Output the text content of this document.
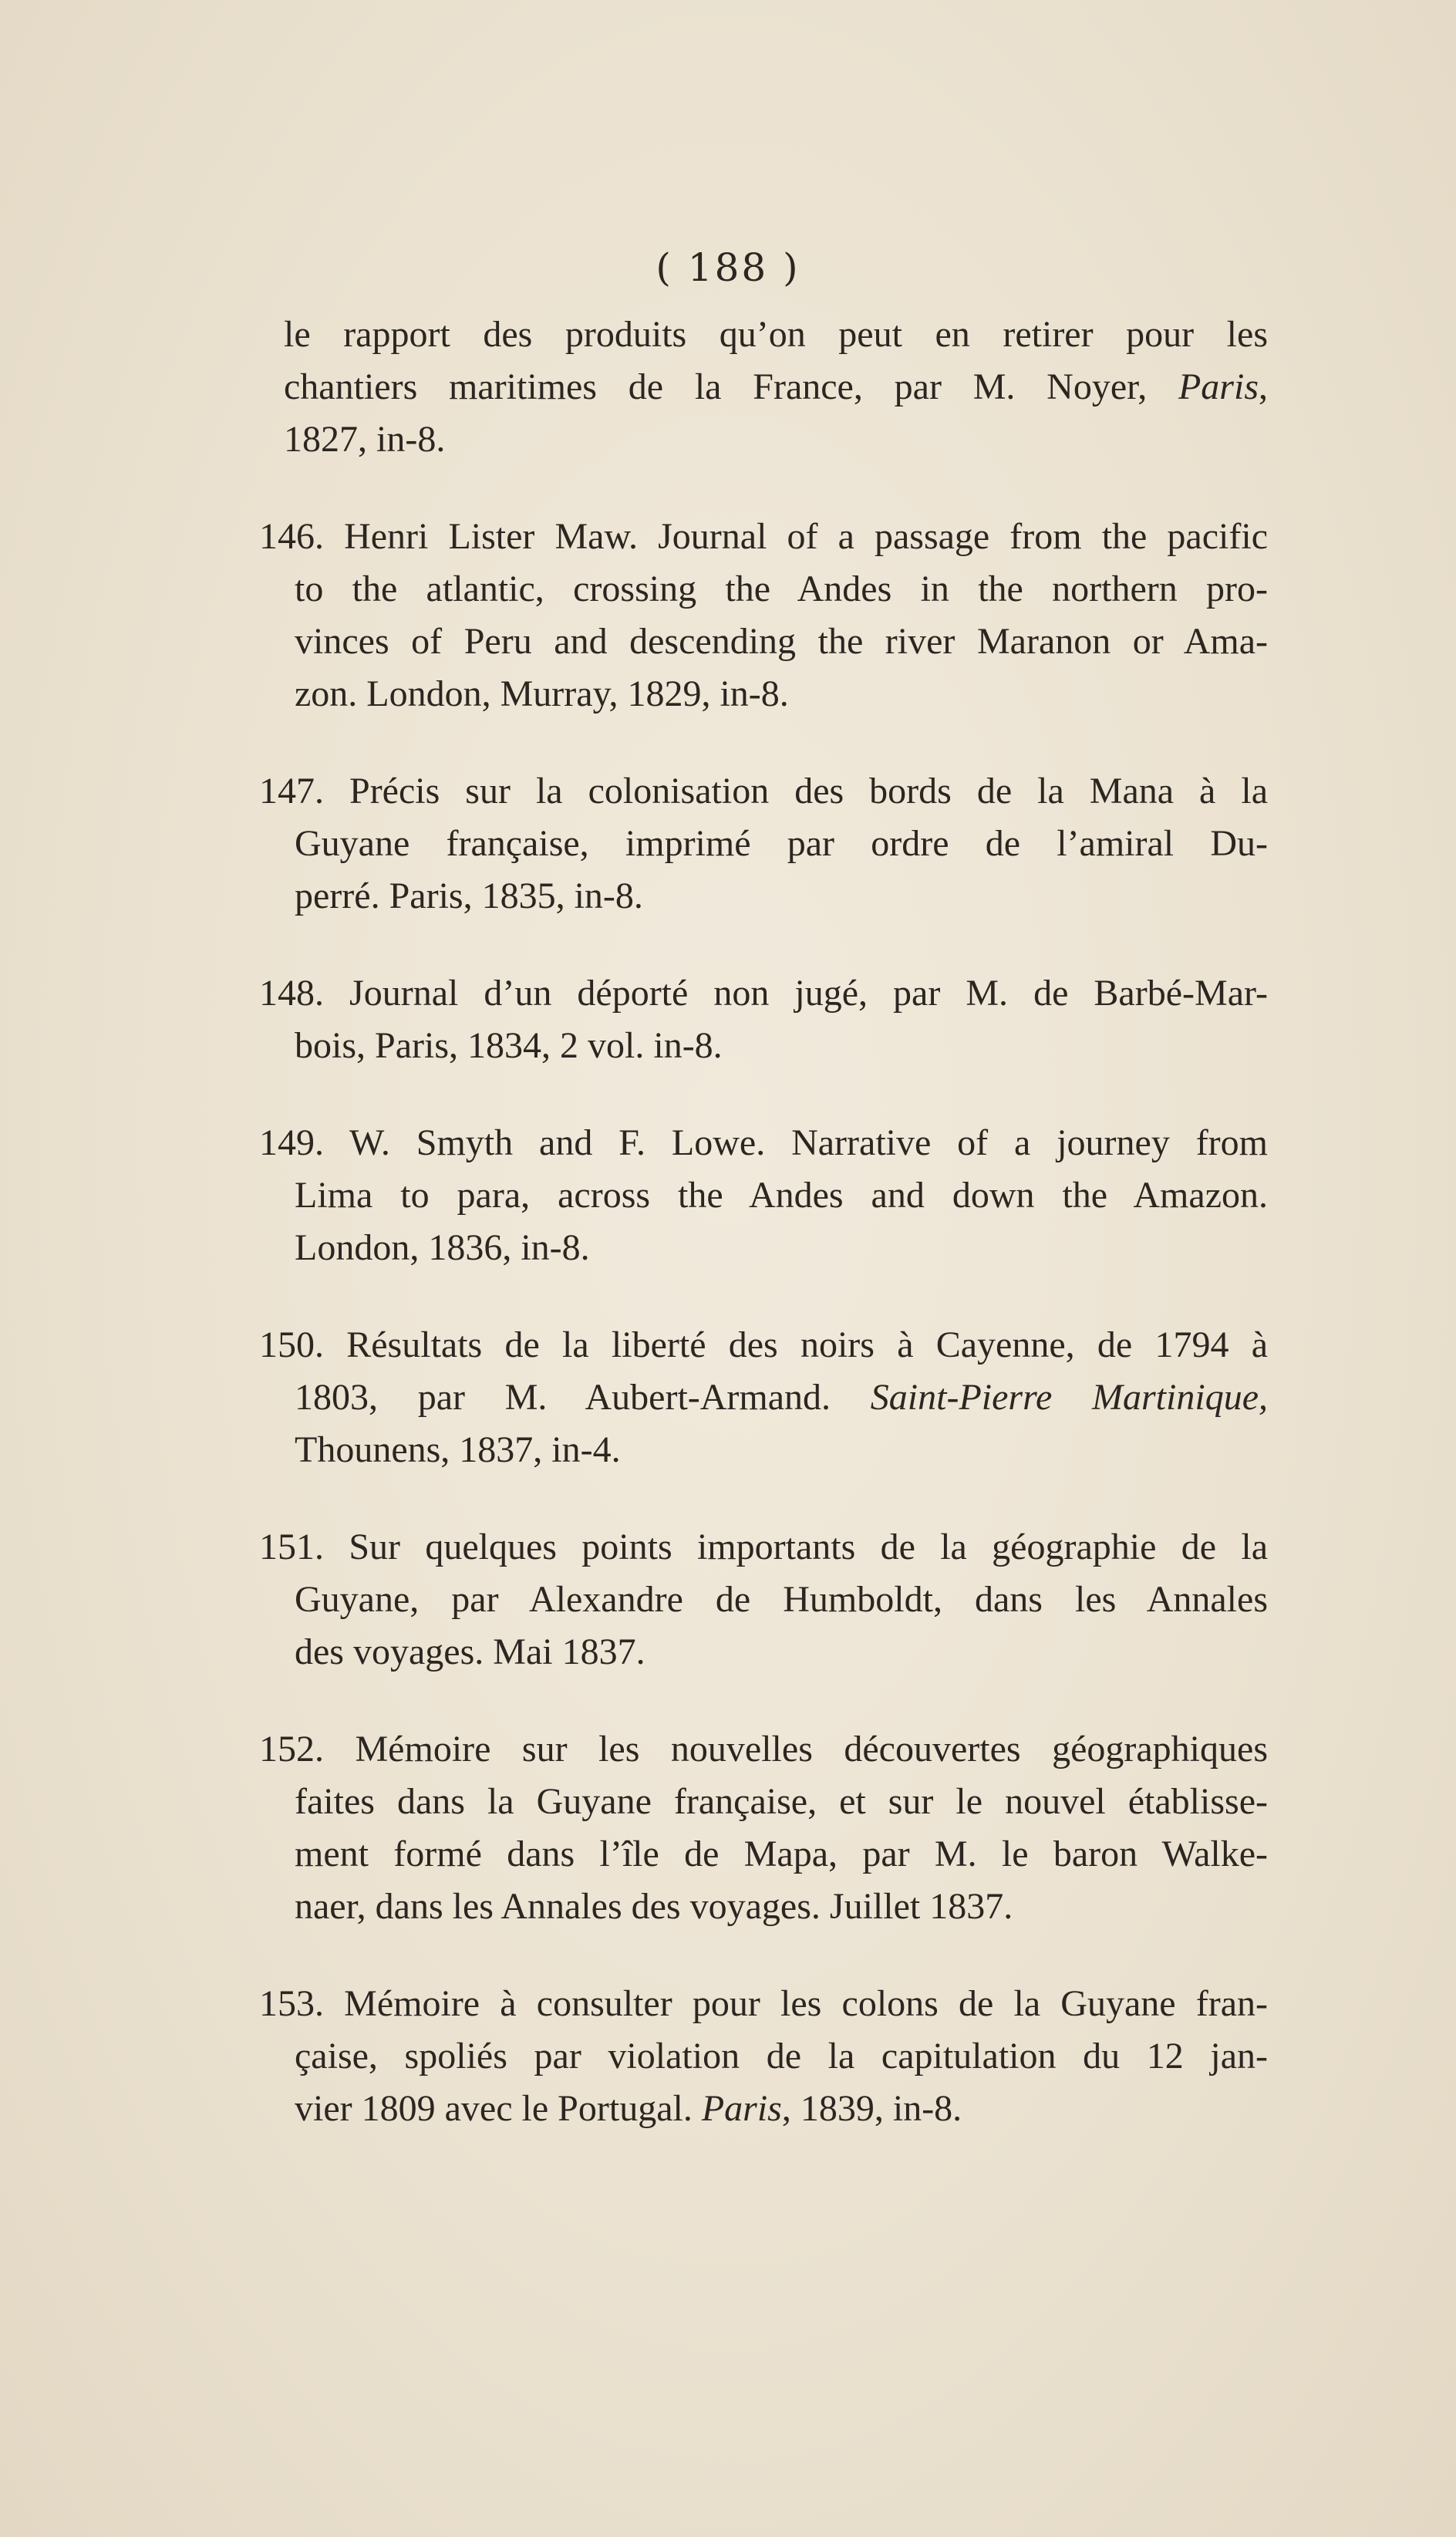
( 188 )
le rapport des produits qu’on peut en retirer pour les
chantiers maritimes de la France, par M. Noyer, Paris,
1827, in-8.
146. Henri Lister Maw. Journal of a passage from the pacific
to the atlantic, crossing the Andes in the northern pro-
vinces of Peru and descending the river Maranon or Ama-
zon. London, Murray, 1829, in-8.
147. Précis sur la colonisation des bords de la Mana à la
Guyane française, imprimé par ordre de l’amiral Du-
perré. Paris, 1835, in-8.
148. Journal d’un déporté non jugé, par M. de Barbé-Mar-
bois, Paris, 1834, 2 vol. in-8.
149. W. Smyth and F. Lowe. Narrative of a journey from
Lima to para, across the Andes and down the Amazon.
London, 1836, in-8.
150. Résultats de la liberté des noirs à Cayenne, de 1794 à
1803, par M. Aubert-Armand. Saint-Pierre Martinique,
Thounens, 1837, in-4.
151. Sur quelques points importants de la géographie de la
Guyane, par Alexandre de Humboldt, dans les Annales
des voyages. Mai 1837.
152. Mémoire sur les nouvelles découvertes géographiques
faites dans la Guyane française, et sur le nouvel établisse-
ment formé dans l’île de Mapa, par M. le baron Walke-
naer, dans les Annales des voyages. Juillet 1837.
153. Mémoire à consulter pour les colons de la Guyane fran-
çaise, spoliés par violation de la capitulation du 12 jan-
vier 1809 avec le Portugal. Paris, 1839, in-8.
